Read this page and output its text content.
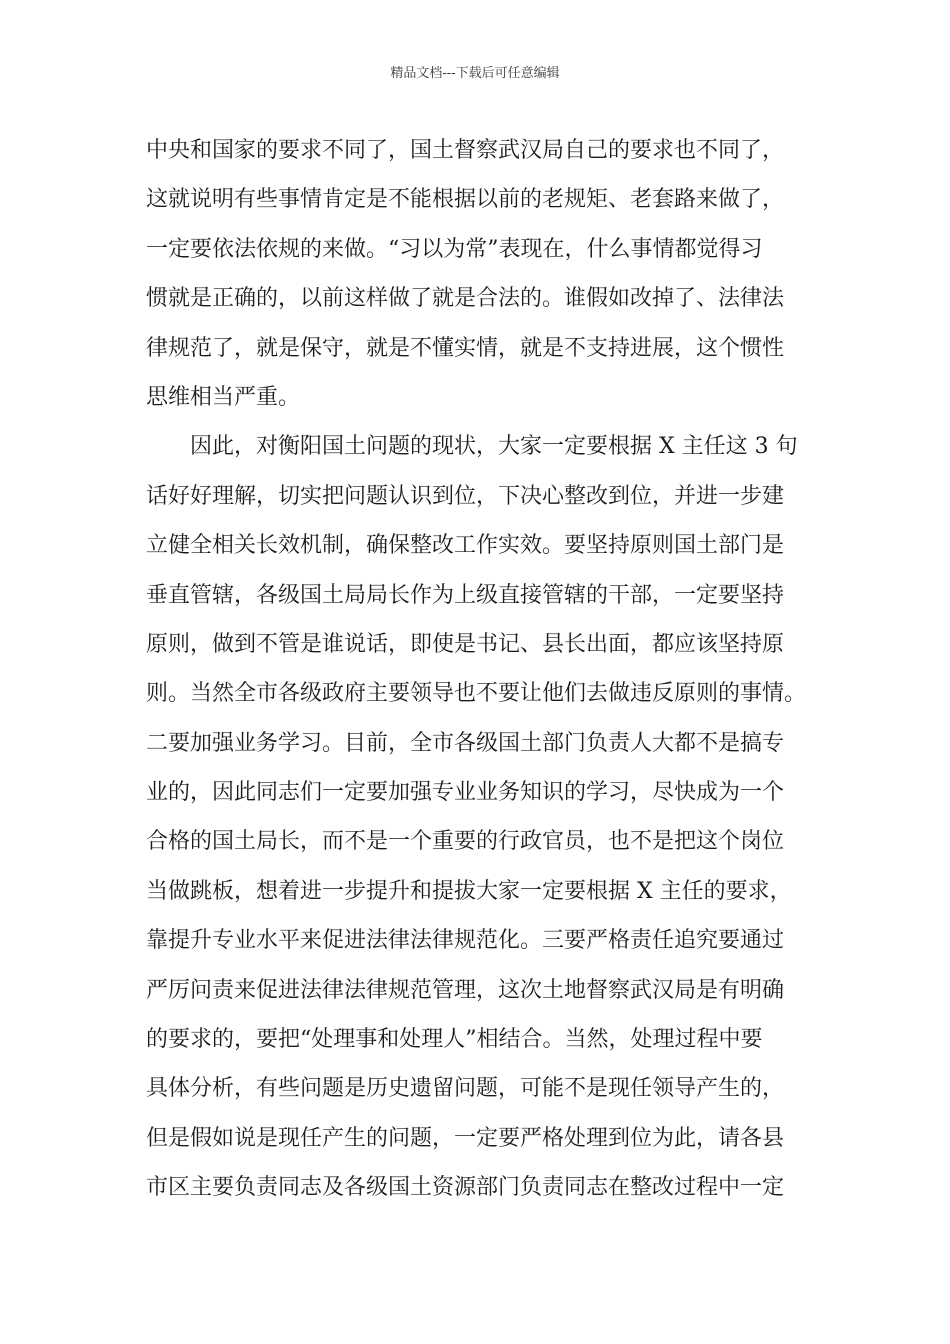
精品文档---下载后可任意编辑
中央和国家的要求不同了，国土督察武汉局自己的要求也不同了，
这就说明有些事情肯定是不能根据以前的老规矩、老套路来做了，
一定要依法依规的来做。“习以为常”表现在，什么事情都觉得习
惯就是正确的，以前这样做了就是合法的。谁假如改掉了、法律法
律规范了，就是保守，就是不懂实情，就是不支持进展，这个惯性
思维相当严重。
因此，对衡阳国土问题的现状，大家一定要根据 X 主任这 3 句
话好好理解，切实把问题认识到位，下决心整改到位，并进一步建
立健全相关长效机制，确保整改工作实效。要坚持原则国土部门是
垂直管辖，各级国土局局长作为上级直接管辖的干部，一定要坚持
原则，做到不管是谁说话，即使是书记、县长出面，都应该坚持原
则。当然全市各级政府主要领导也不要让他们去做违反原则的事情。
二要加强业务学习。目前，全市各级国土部门负责人大都不是搞专
业的，因此同志们一定要加强专业业务知识的学习，尽快成为一个
合格的国土局长，而不是一个重要的行政官员，也不是把这个岗位
当做跳板，想着进一步提升和提拔大家一定要根据 X 主任的要求，
靠提升专业水平来促进法律法律规范化。三要严格责任追究要通过
严厉问责来促进法律法律规范管理，这次土地督察武汉局是有明确
的要求的，要把“处理事和处理人”相结合。当然，处理过程中要
具体分析，有些问题是历史遗留问题，可能不是现任领导产生的，
但是假如说是现任产生的问题，一定要严格处理到位为此，请各县
市区主要负责同志及各级国土资源部门负责同志在整改过程中一定
